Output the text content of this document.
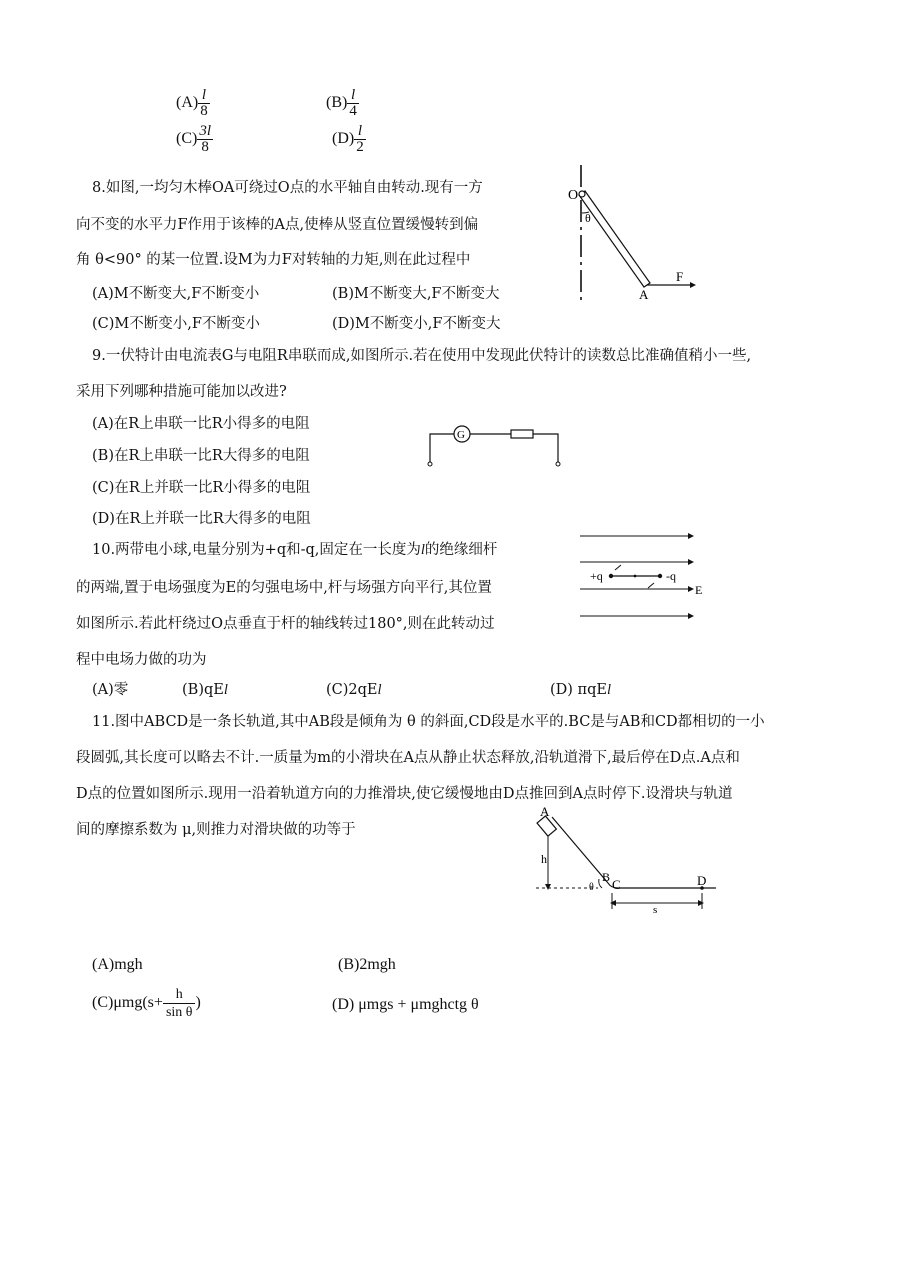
$(A) \frac{l}{8}$	$(B) \frac{l}{4}$
$(C) \frac{3l}{8}$	$(D) \frac{l}{2}$
8.如图,一均匀木棒OA可绕过O点的水平轴自由转动.现有一方
向不变的水平力F作用于该棒的A点,使棒从竖直位置缓慢转到偏
角 θ<90° 的某一位置.设M为力F对转轴的力矩,则在此过程中
(A)M不断变大,F不断变小	(B)M不断变大,F不断变大
(C)M不断变小,F不断变小	(D)M不断变小,F不断变大
O
θ
A
F
9.一伏特计由电流表G与电阻R串联而成,如图所示.若在使用中发现此伏特计的读数总比准确值稍小一些,
采用下列哪种措施可能加以改进?
(A)在R上串联一比R小得多的电阻
(B)在R上串联一比R大得多的电阻
(C)在R上并联一比R小得多的电阻
(D)在R上并联一比R大得多的电阻
G
10.两带电小球,电量分别为+q和-q,固定在一长度为l的绝缘细杆
的两端,置于电场强度为E的匀强电场中,杆与场强方向平行,其位置
如图所示.若此杆绕过O点垂直于杆的轴线转过180°,则在此转动过
程中电场力做的功为
(A)零	(B)qEl	(C)2qEl	(D) πqEl
+q	-q
E
11.图中ABCD是一条长轨道,其中AB段是倾角为 θ 的斜面,CD段是水平的.BC是与AB和CD都相切的一小
段圆弧,其长度可以略去不计.一质量为m的小滑块在A点从静止状态释放,沿轨道滑下,最后停在D点.A点和
D点的位置如图所示.现用一沿着轨道方向的力推滑块,使它缓慢地由D点推回到A点时停下.设滑块与轨道
间的摩擦系数为 μ,则推力对滑块做的功等于
A
B C	D
h
s
θ
(A)mgh	(B)2mgh
$(C)\mu mg(s+ \frac{h}{\text{sin θ}}$ )	(D) μmgs + μmghctg θ
